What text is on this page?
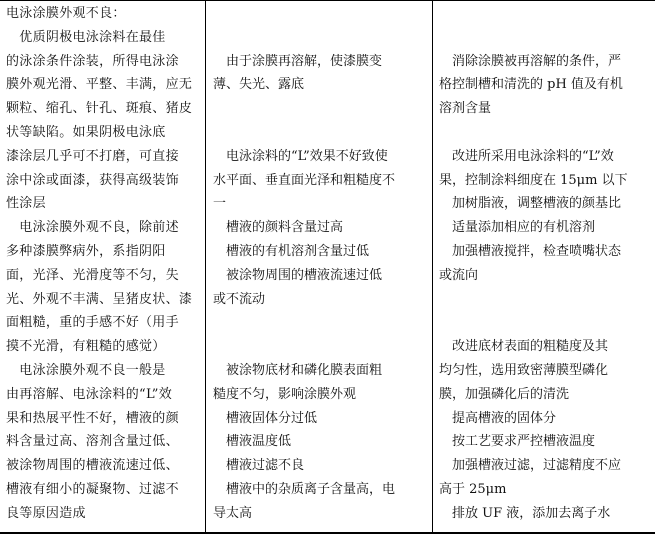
电泳涂膜外观不良：
　优质阴极电泳涂料在最佳
的泳涂条件涂装，所得电泳涂
膜外观光滑、平整、丰满，应无
颗粒、缩孔、针孔、斑痕、猪皮
状等缺陷。如果阴极电泳底
漆涂层几乎可不打磨，可直接
涂中涂或面漆，获得高级装饰
性涂层
　电泳涂膜外观不良，除前述
多种漆膜弊病外，系指阴阳
面，光泽、光滑度等不匀，失
光、外观不丰满、呈猪皮状、漆
面粗糙，重的手感不好（用手
摸不光滑，有粗糙的感觉）
　电泳涂膜外观不良一般是
由再溶解、电泳涂料的“L”效
果和热展平性不好，槽液的颜
料含量过高、溶剂含量过低、
被涂物周围的槽液流速过低、
槽液有细小的凝聚物、过滤不
良等原因造成
　由于涂膜再溶解，使漆膜变
薄、失光、露底
　电泳涂料的“L”效果不好致使
水平面、垂直面光泽和粗糙度不
一
　槽液的颜料含量过高
　槽液的有机溶剂含量过低
　被涂物周围的槽液流速过低
或不流动
　被涂物底材和磷化膜表面粗
糙度不匀，影响涂膜外观
　槽液固体分过低
　槽液温度低
　槽液过滤不良
　槽液中的杂质离子含量高，电
导太高
　消除涂膜被再溶解的条件，严
格控制槽和清洗的 pH 值及有机
溶剂含量
　改进所采用电泳涂料的“L”效
果，控制涂料细度在 15μm 以下
　加树脂液，调整槽液的颜基比
　适量添加相应的有机溶剂
　加强槽液搅拌，检查喷嘴状态
或流向
　改进底材表面的粗糙度及其
均匀性，选用致密薄膜型磷化
膜，加强磷化后的清洗
　提高槽液的固体分
　按工艺要求严控槽液温度
　加强槽液过滤，过滤精度不应
高于 25μm
　排放 UF 液，添加去离子水
